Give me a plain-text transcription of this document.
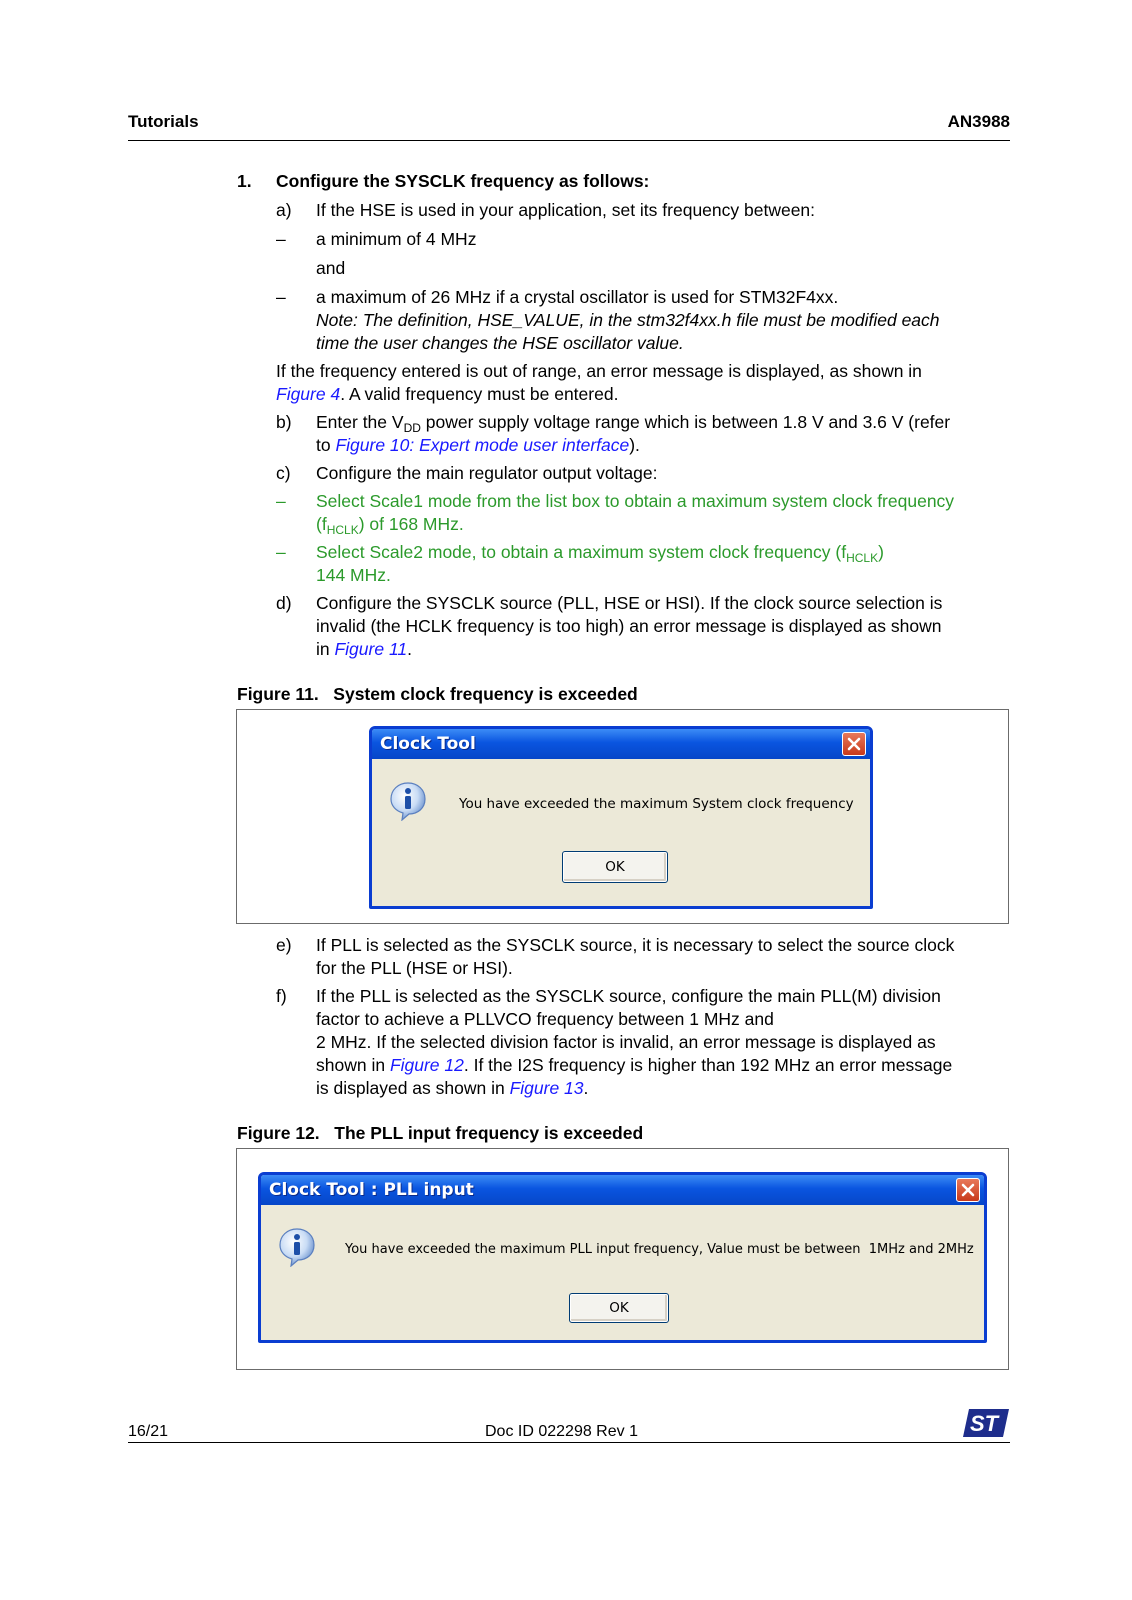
Tutorials	AN3988
1. Configure the SYSCLK frequency as follows:
a) If the HSE is used in your application, set its frequency between:
– a minimum of 4 MHz
and
– a maximum of 26 MHz if a crystal oscillator is used for STM32F4xx.
Note: The definition, HSE_VALUE, in the stm32f4xx.h file must be modified each
time the user changes the HSE oscillator value.
If the frequency entered is out of range, an error message is displayed, as shown in
Figure 4. A valid frequency must be entered.
b) Enter the $V_{DD}$ power supply voltage range which is between 1.8 V and 3.6 V (refer
to Figure 10: Expert mode user interface).
c) Configure the main regulator output voltage:
– Select Scale1 mode from the list box to obtain a maximum system clock frequency
$(f_{HCLK})$ of 168 MHz.
– Select Scale2 mode, to obtain a maximum system clock frequency $(f_{HCLK})$
144 MHz.
d) Configure the SYSCLK source (PLL, HSE or HSI). If the clock source selection is
invalid (the HCLK frequency is too high) an error message is displayed as shown
in Figure 11.
Figure 11.   System clock frequency is exceeded
Clock Tool
You have exceeded the maximum System clock frequency
OK
e) If PLL is selected as the SYSCLK source, it is necessary to select the source clock
for the PLL (HSE or HSI).
f) If the PLL is selected as the SYSCLK source, configure the main PLL(M) division
factor to achieve a PLLVCO frequency between 1 MHz and
2 MHz. If the selected division factor is invalid, an error message is displayed as
shown in Figure 12. If the I2S frequency is higher than 192 MHz an error message
is displayed as shown in Figure 13.
Figure 12.   The PLL input frequency is exceeded
Clock Tool : PLL input
You have exceeded the maximum PLL input frequency, Value must be between  1MHz and 2MHz
OK
16/21	Doc ID 022298 Rev 1	ST
